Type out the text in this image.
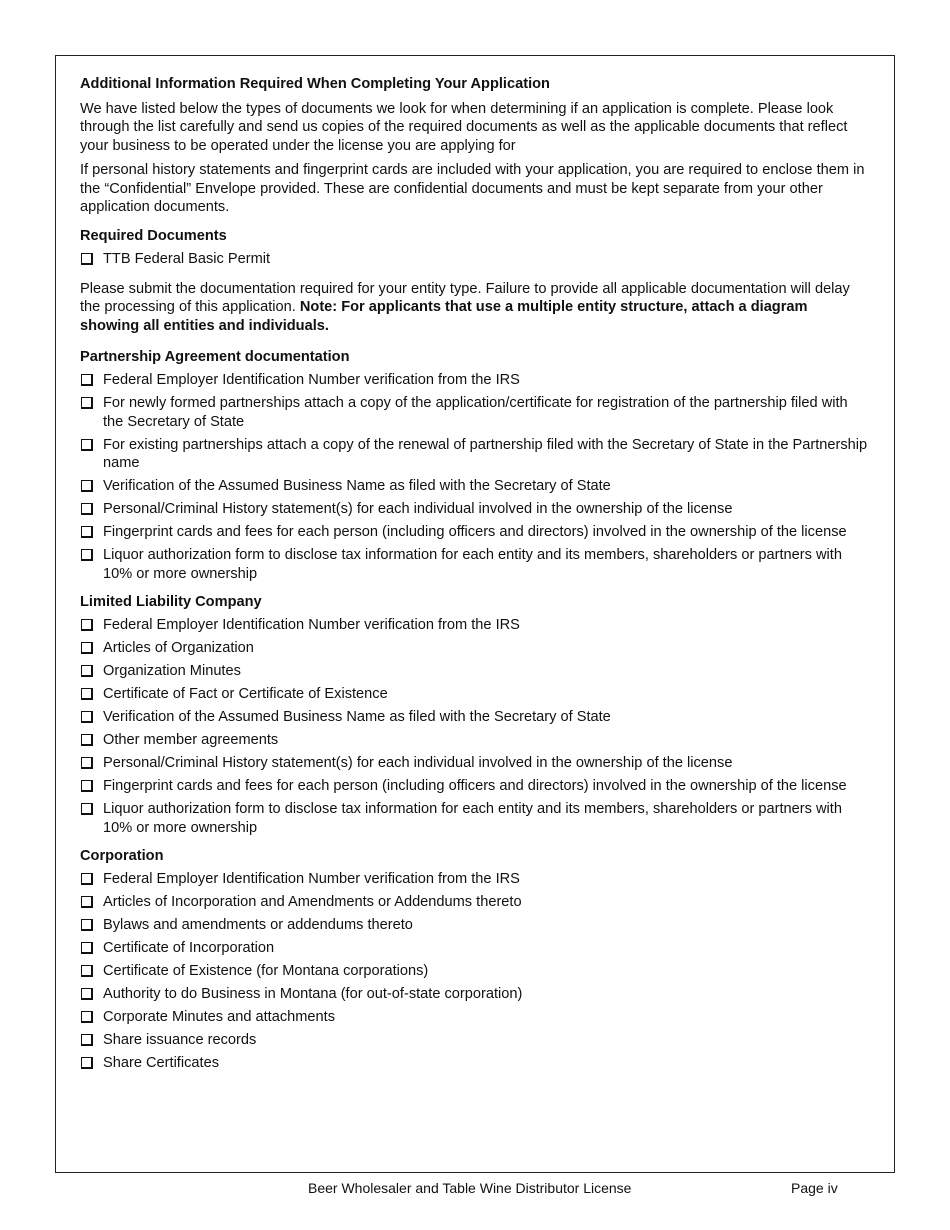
Additional Information Required When Completing Your Application

We have listed below the types of documents we look for when determining if an application is complete. Please look through the list carefully and send us copies of the required documents as well as the applicable documents that reflect your business to be operated under the license you are applying for

If personal history statements and fingerprint cards are included with your application, you are required to enclose them in the “Confidential” Envelope provided. These are confidential documents and must be kept separate from your other application documents.

Required Documents
TTB Federal Basic Permit

Please submit the documentation required for your entity type. Failure to provide all applicable documentation will delay the processing of this application. Note: For applicants that use a multiple entity structure, attach a diagram showing all entities and individuals.

Partnership Agreement documentation
Federal Employer Identification Number verification from the IRS
For newly formed partnerships attach a copy of the application/certificate for registration of the partnership filed with the Secretary of State
For existing partnerships attach a copy of the renewal of partnership filed with the Secretary of State in the Partnership name
Verification of the Assumed Business Name as filed with the Secretary of State
Personal/Criminal History statement(s) for each individual involved in the ownership of the license
Fingerprint cards and fees for each person (including officers and directors) involved in the ownership of the license
Liquor authorization form to disclose tax information for each entity and its members, shareholders or partners with 10% or more ownership
Limited Liability Company
Federal Employer Identification Number verification from the IRS
Articles of Organization
Organization Minutes
Certificate of Fact or Certificate of Existence
Verification of the Assumed Business Name as filed with the Secretary of State
Other member agreements
Personal/Criminal History statement(s) for each individual involved in the ownership of the license
Fingerprint cards and fees for each person (including officers and directors) involved in the ownership of the license
Liquor authorization form to disclose tax information for each entity and its members, shareholders or partners with 10% or more ownership
Corporation
Federal Employer Identification Number verification from the IRS
Articles of Incorporation and Amendments or Addendums thereto
Bylaws and amendments or addendums thereto
Certificate of Incorporation
Certificate of Existence (for Montana corporations)
Authority to do Business in Montana (for out-of-state corporation)
Corporate Minutes and attachments
Share issuance records
Share Certificates
Beer Wholesaler and Table Wine Distributor License	Page iv
